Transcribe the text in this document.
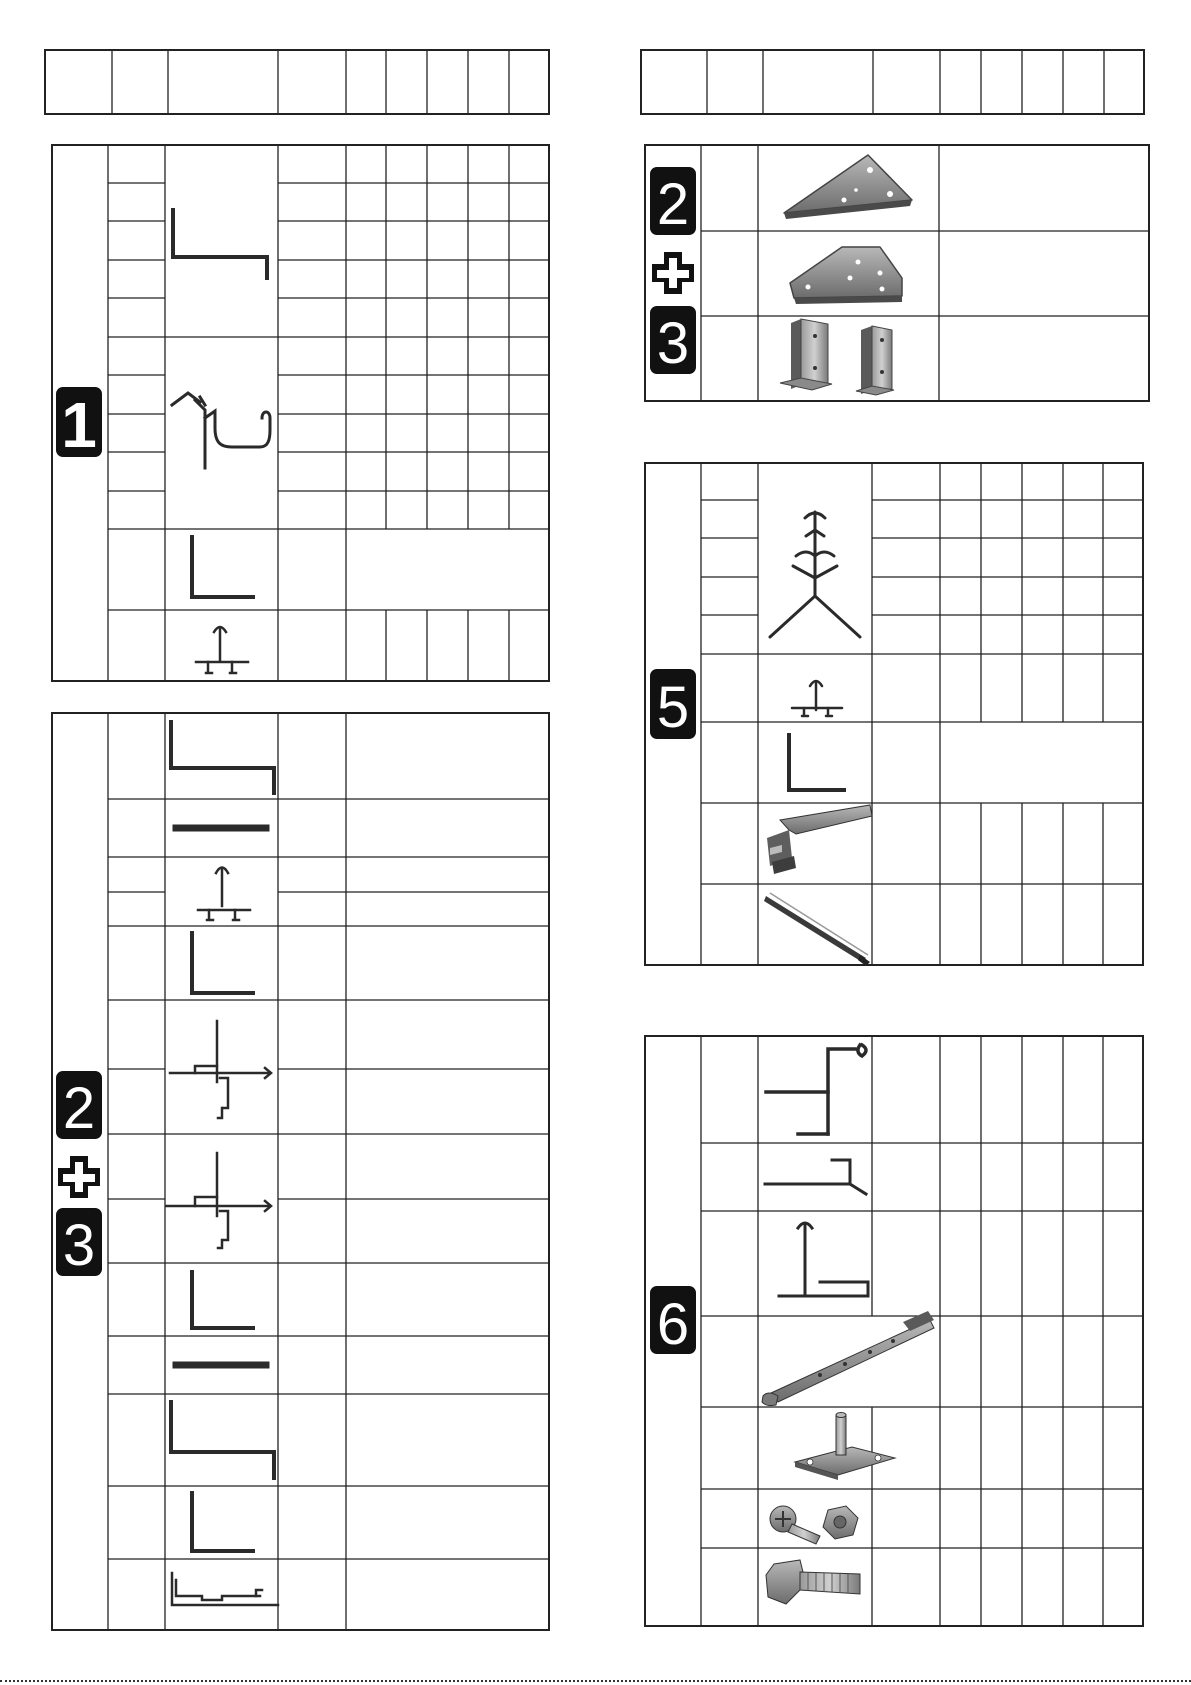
1
2
3
2
3
5
6
